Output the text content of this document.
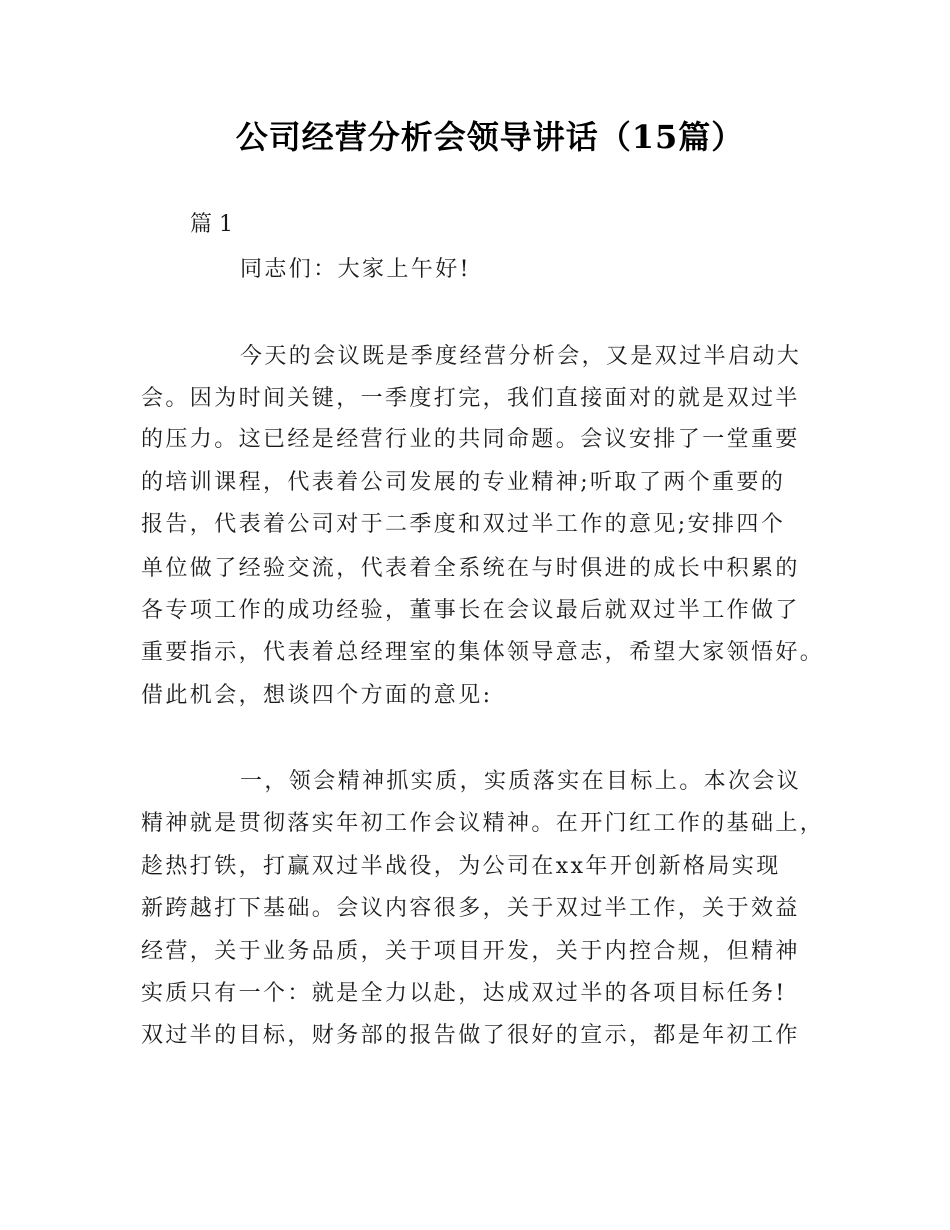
公司经营分析会领导讲话（15篇）
篇 1
同志们：大家上午好!
今天的会议既是季度经营分析会，又是双过半启动大
会。因为时间关键，一季度打完，我们直接面对的就是双过半
的压力。这已经是经营行业的共同命题。会议安排了一堂重要
的培训课程，代表着公司发展的专业精神;听取了两个重要的
报告，代表着公司对于二季度和双过半工作的意见;安排四个
单位做了经验交流，代表着全系统在与时俱进的成长中积累的
各专项工作的成功经验，董事长在会议最后就双过半工作做了
重要指示，代表着总经理室的集体领导意志，希望大家领悟好。
借此机会，想谈四个方面的意见:
一，领会精神抓实质，实质落实在目标上。本次会议
精神就是贯彻落实年初工作会议精神。在开门红工作的基础上，
趁热打铁，打赢双过半战役，为公司在xx年开创新格局实现
新跨越打下基础。会议内容很多，关于双过半工作，关于效益
经营，关于业务品质，关于项目开发，关于内控合规，但精神
实质只有一个：就是全力以赴，达成双过半的各项目标任务!
双过半的目标，财务部的报告做了很好的宣示，都是年初工作
